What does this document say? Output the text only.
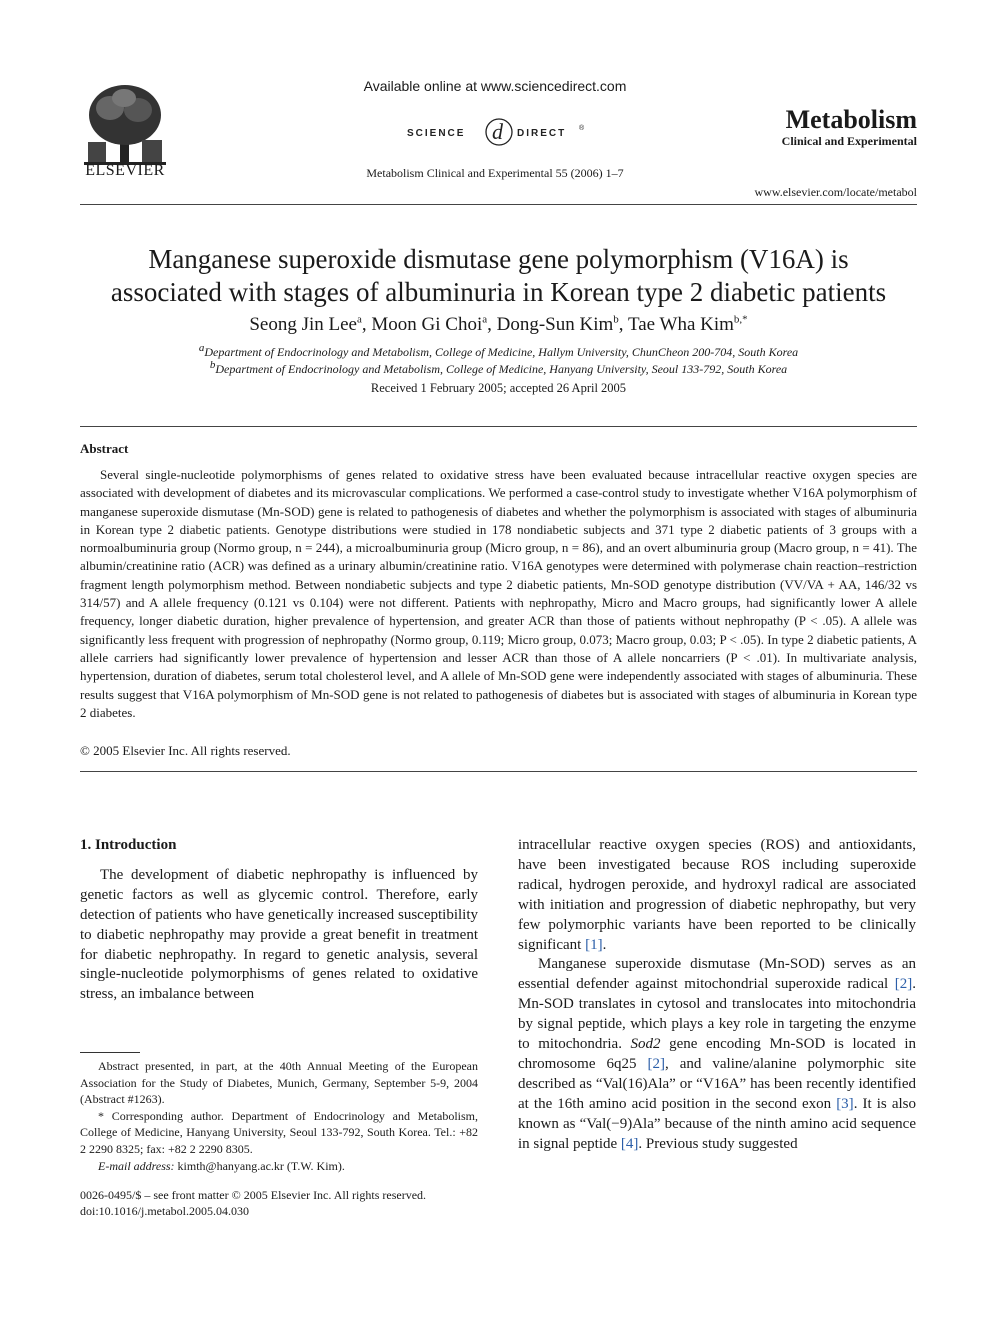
ELSEVIER
Available online at www.sciencedirect.com
SCIENCE d DIRECT ®
Metabolism Clinical and Experimental 55 (2006) 1–7
Metabolism
Clinical and Experimental
www.elsevier.com/locate/metabol
Manganese superoxide dismutase gene polymorphism (V16A) is
associated with stages of albuminuria in Korean type 2 diabetic patients
Seong Jin Lee$^a$, Moon Gi Choi$^a$, Dong-Sun Kim$^b$, Tae Wha Kim$^{b,*}$
$^a$Department of Endocrinology and Metabolism, College of Medicine, Hallym University, ChunCheon 200-704, South Korea
$^b$Department of Endocrinology and Metabolism, College of Medicine, Hanyang University, Seoul 133-792, South Korea
Received 1 February 2005; accepted 26 April 2005
Abstract
Several single-nucleotide polymorphisms of genes related to oxidative stress have been evaluated because intracellular reactive oxygen species are associated with development of diabetes and its microvascular complications. We performed a case-control study to investigate whether V16A polymorphism of manganese superoxide dismutase (Mn-SOD) gene is related to pathogenesis of diabetes and whether the polymorphism is associated with stages of albuminuria in Korean type 2 diabetic patients. Genotype distributions were studied in 178 nondiabetic subjects and 371 type 2 diabetic patients of 3 groups with a normoalbuminuria group (Normo group, n = 244), a microalbuminuria group (Micro group, n = 86), and an overt albuminuria group (Macro group, n = 41). The albumin/creatinine ratio (ACR) was defined as a urinary albumin/creatinine ratio. V16A genotypes were determined with polymerase chain reaction–restriction fragment length polymorphism method. Between nondiabetic subjects and type 2 diabetic patients, Mn-SOD genotype distribution (VV/VA + AA, 146/32 vs 314/57) and A allele frequency (0.121 vs 0.104) were not different. Patients with nephropathy, Micro and Macro groups, had significantly lower A allele frequency, longer diabetic duration, higher prevalence of hypertension, and greater ACR than those of patients without nephropathy (P < .05). A allele was significantly less frequent with progression of nephropathy (Normo group, 0.119; Micro group, 0.073; Macro group, 0.03; P < .05). In type 2 diabetic patients, A allele carriers had significantly lower prevalence of hypertension and lesser ACR than those of A allele noncarriers (P < .01). In multivariate analysis, hypertension, duration of diabetes, serum total cholesterol level, and A allele of Mn-SOD gene were independently associated with stages of albuminuria. These results suggest that V16A polymorphism of Mn-SOD gene is not related to pathogenesis of diabetes but is associated with stages of albuminuria in Korean type 2 diabetes.
© 2005 Elsevier Inc. All rights reserved.
1. Introduction

The development of diabetic nephropathy is influenced by genetic factors as well as glycemic control. Therefore, early detection of patients who have genetically increased susceptibility to diabetic nephropathy may provide a great benefit in treatment for diabetic nephropathy. In regard to genetic analysis, several single-nucleotide polymorphisms of genes related to oxidative stress, an imbalance between

Abstract presented, in part, at the 40th Annual Meeting of the European Association for the Study of Diabetes, Munich, Germany, September 5-9, 2004 (Abstract #1263).

* Corresponding author. Department of Endocrinology and Metabolism, College of Medicine, Hanyang University, Seoul 133-792, South Korea. Tel.: +82 2 2290 8325; fax: +82 2 2290 8305.

E-mail address: kimth@hanyang.ac.kr (T.W. Kim).

0026-0495/$ – see front matter © 2005 Elsevier Inc. All rights reserved.
doi:10.1016/j.metabol.2005.04.030

intracellular reactive oxygen species (ROS) and antioxidants, have been investigated because ROS including superoxide radical, hydrogen peroxide, and hydroxyl radical are associated with initiation and progression of diabetic nephropathy, but very few polymorphic variants have been reported to be clinically significant [1].

Manganese superoxide dismutase (Mn-SOD) serves as an essential defender against mitochondrial superoxide radical [2]. Mn-SOD translates in cytosol and translocates into mitochondria by signal peptide, which plays a key role in targeting the enzyme to mitochondria. Sod2 gene encoding Mn-SOD is located in chromosome 6q25 [2], and valine/alanine polymorphic site described as “Val(16)Ala” or “V16A” has been recently identified at the 16th amino acid position in the second exon [3]. It is also known as “Val(−9)Ala” because of the ninth amino acid sequence in signal peptide [4]. Previous study suggested
